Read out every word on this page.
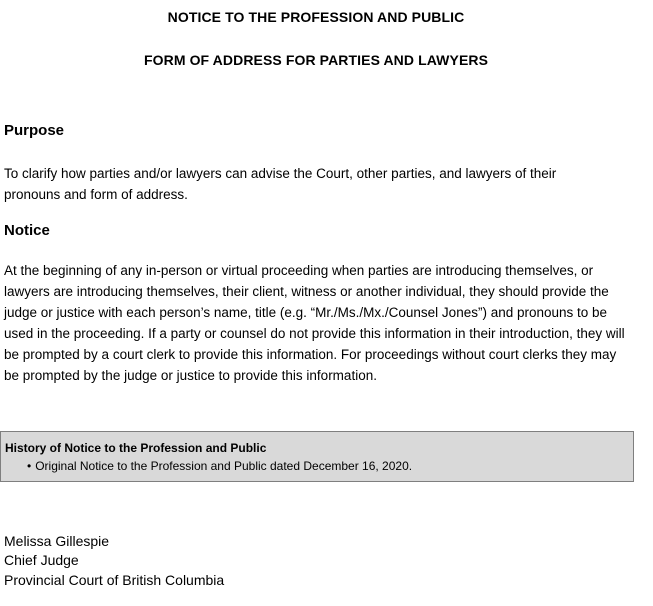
NOTICE TO THE PROFESSION AND PUBLIC
FORM OF ADDRESS FOR PARTIES AND LAWYERS
Purpose
To clarify how parties and/or lawyers can advise the Court, other parties, and lawyers of their pronouns and form of address.
Notice
At the beginning of any in-person or virtual proceeding when parties are introducing themselves, or lawyers are introducing themselves, their client, witness or another individual, they should provide the judge or justice with each person’s name, title (e.g. “Mr./Ms./Mx./Counsel Jones”) and pronouns to be used in the proceeding. If a party or counsel do not provide this information in their introduction, they will be prompted by a court clerk to provide this information. For proceedings without court clerks they may be prompted by the judge or justice to provide this information.
History of Notice to the Profession and Public
• Original Notice to the Profession and Public dated December 16, 2020.
Melissa Gillespie
Chief Judge
Provincial Court of British Columbia
